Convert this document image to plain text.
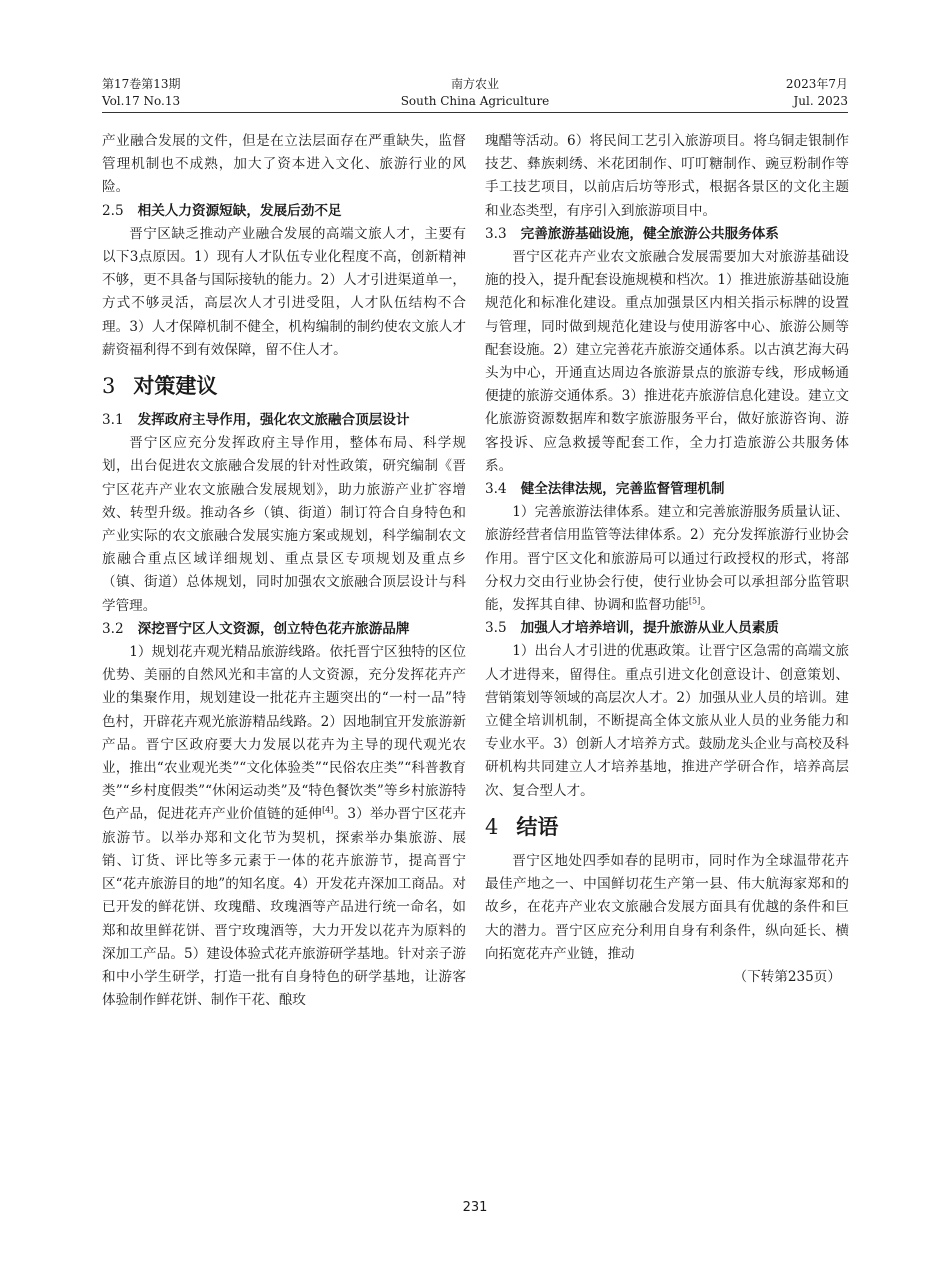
第17卷第13期
Vol.17 No.13
南方农业
South China Agriculture
2023年7月
Jul. 2023

产业融合发展的文件，但是在立法层面存在严重缺失，监督管理机制也不成熟，加大了资本进入文化、旅游行业的风险。

2.5 相关人力资源短缺，发展后劲不足

晋宁区缺乏推动产业融合发展的高端文旅人才，主要有以下3点原因。1）现有人才队伍专业化程度不高，创新精神不够，更不具备与国际接轨的能力。2）人才引进渠道单一，方式不够灵活，高层次人才引进受阻，人才队伍结构不合理。3）人才保障机制不健全，机构编制的制约使农文旅人才薪资福利得不到有效保障，留不住人才。

3 对策建议
3.1 发挥政府主导作用，强化农文旅融合顶层设计

晋宁区应充分发挥政府主导作用，整体布局、科学规划，出台促进农文旅融合发展的针对性政策，研究编制《晋宁区花卉产业农文旅融合发展规划》，助力旅游产业扩容增效、转型升级。推动各乡（镇、街道）制订符合自身特色和产业实际的农文旅融合发展实施方案或规划，科学编制农文旅融合重点区域详细规划、重点景区专项规划及重点乡（镇、街道）总体规划，同时加强农文旅融合顶层设计与科学管理。

3.2 深挖晋宁区人文资源，创立特色花卉旅游品牌

1）规划花卉观光精品旅游线路。依托晋宁区独特的区位优势、美丽的自然风光和丰富的人文资源，充分发挥花卉产业的集聚作用，规划建设一批花卉主题突出的“一村一品”特色村，开辟花卉观光旅游精品线路。2）因地制宜开发旅游新产品。晋宁区政府要大力发展以花卉为主导的现代观光农业，推出“农业观光类”“文化体验类”“民俗农庄类”“科普教育类”“乡村度假类”“休闲运动类”及“特色餐饮类”等乡村旅游特色产品，促进花卉产业价值链的延伸[4]。3）举办晋宁区花卉旅游节。以举办郑和文化节为契机，探索举办集旅游、展销、订货、评比等多元素于一体的花卉旅游节，提高晋宁区“花卉旅游目的地”的知名度。4）开发花卉深加工商品。对已开发的鲜花饼、玫瑰醋、玫瑰酒等产品进行统一命名，如郑和故里鲜花饼、晋宁玫瑰酒等，大力开发以花卉为原料的深加工产品。5）建设体验式花卉旅游研学基地。针对亲子游和中小学生研学，打造一批有自身特色的研学基地，让游客体验制作鲜花饼、制作干花、酿玫

瑰醋等活动。6）将民间工艺引入旅游项目。将乌铜走银制作技艺、彝族刺绣、米花团制作、叮叮糖制作、豌豆粉制作等手工技艺项目，以前店后坊等形式，根据各景区的文化主题和业态类型，有序引入到旅游项目中。

3.3 完善旅游基础设施，健全旅游公共服务体系

晋宁区花卉产业农文旅融合发展需要加大对旅游基础设施的投入，提升配套设施规模和档次。1）推进旅游基础设施规范化和标准化建设。重点加强景区内相关指示标牌的设置与管理，同时做到规范化建设与使用游客中心、旅游公厕等配套设施。2）建立完善花卉旅游交通体系。以古滇艺海大码头为中心，开通直达周边各旅游景点的旅游专线，形成畅通便捷的旅游交通体系。3）推进花卉旅游信息化建设。建立文化旅游资源数据库和数字旅游服务平台，做好旅游咨询、游客投诉、应急救援等配套工作，全力打造旅游公共服务体系。

3.4 健全法律法规，完善监督管理机制

1）完善旅游法律体系。建立和完善旅游服务质量认证、旅游经营者信用监管等法律体系。2）充分发挥旅游行业协会作用。晋宁区文化和旅游局可以通过行政授权的形式，将部分权力交由行业协会行使，使行业协会可以承担部分监管职能，发挥其自律、协调和监督功能[5]。

3.5 加强人才培养培训，提升旅游从业人员素质

1）出台人才引进的优惠政策。让晋宁区急需的高端文旅人才进得来，留得住。重点引进文化创意设计、创意策划、营销策划等领域的高层次人才。2）加强从业人员的培训。建立健全培训机制，不断提高全体文旅从业人员的业务能力和专业水平。3）创新人才培养方式。鼓励龙头企业与高校及科研机构共同建立人才培养基地，推进产学研合作，培养高层次、复合型人才。

4 结语

晋宁区地处四季如春的昆明市，同时作为全球温带花卉最佳产地之一、中国鲜切花生产第一县、伟大航海家郑和的故乡，在花卉产业农文旅融合发展方面具有优越的条件和巨大的潜力。晋宁区应充分利用自身有利条件，纵向延长、横向拓宽花卉产业链，推动

（下转第235页）

231
